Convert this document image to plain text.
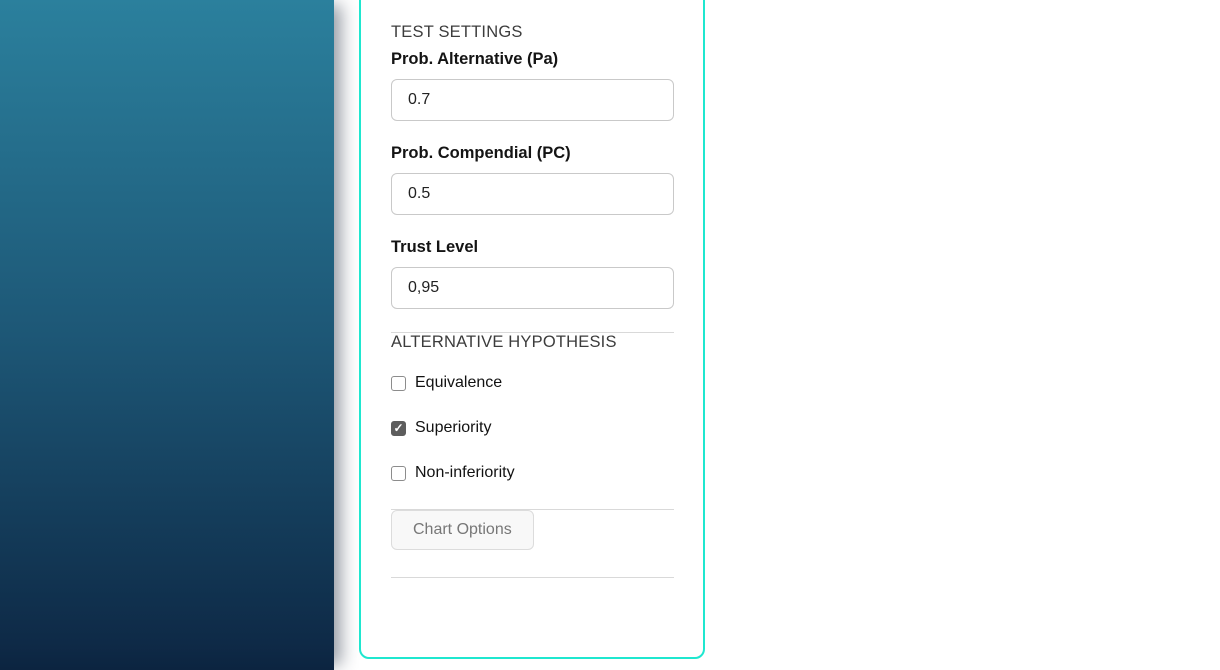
TEST SETTINGS
Prob. Alternative (Pa)
0.7
Prob. Compendial (PC)
0.5
Trust Level
0,95
ALTERNATIVE HYPOTHESIS
Equivalence
✓ Superiority
Non-inferiority
Chart Options
